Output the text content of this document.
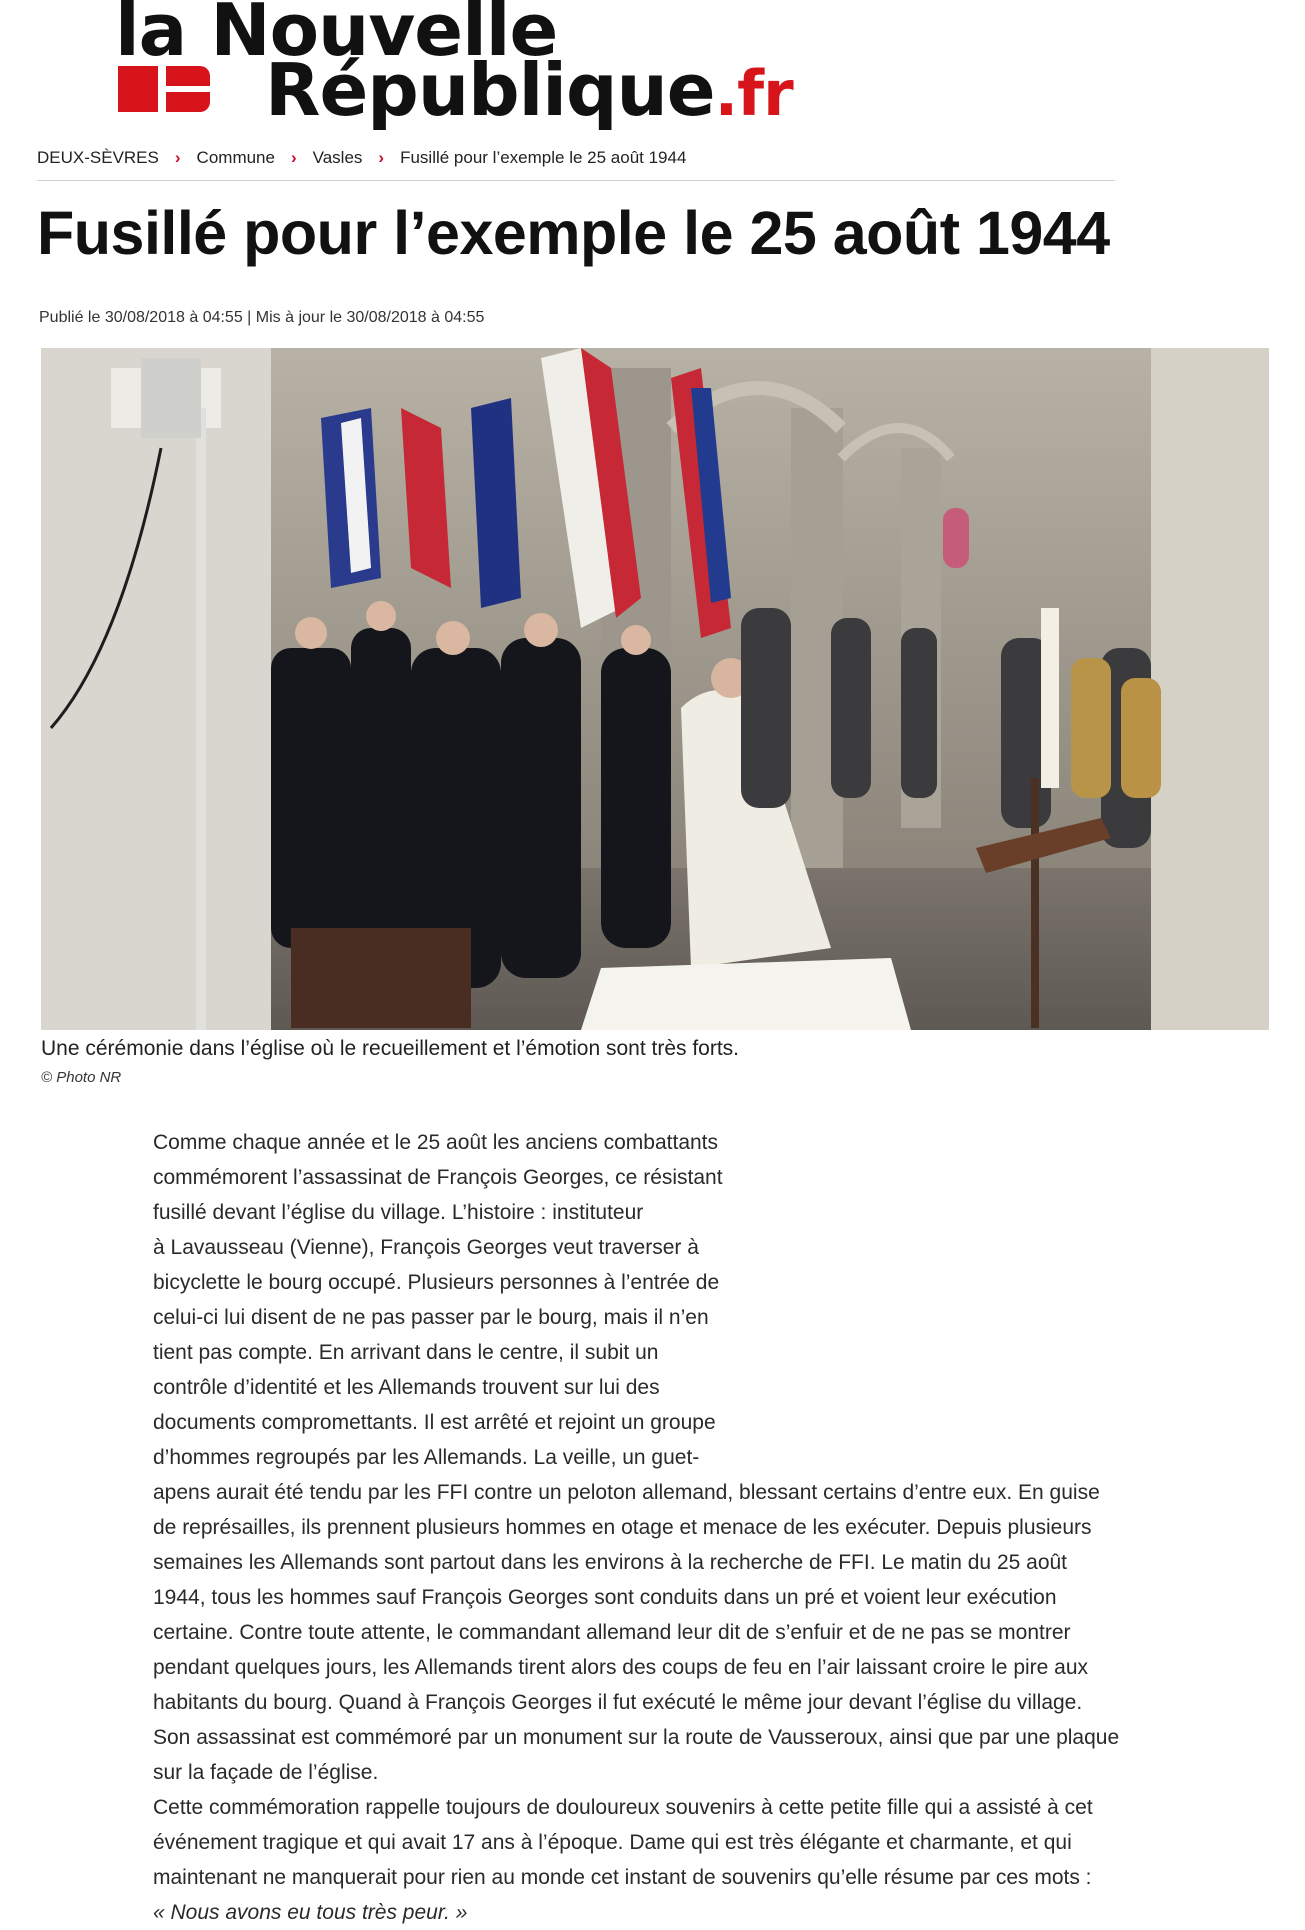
la Nouvelle
République.fr
DEUX-SÈVRES › Commune › Vasles › Fusillé pour l’exemple le 25 août 1944
Fusillé pour l’exemple le 25 août 1944
Publié le 30/08/2018 à 04:55 | Mis à jour le 30/08/2018 à 04:55
Une cérémonie dans l’église où le recueillement et l’émotion sont très forts.
© Photo NR
Comme chaque année et le 25 août les anciens combattants
commémorent l’assassinat de François Georges, ce résistant
fusillé devant l’église du village. L’histoire : instituteur
à Lavausseau (Vienne), François Georges veut traverser à
bicyclette le bourg occupé. Plusieurs personnes à l’entrée de
celui-ci lui disent de ne pas passer par le bourg, mais il n’en
tient pas compte. En arrivant dans le centre, il subit un
contrôle d’identité et les Allemands trouvent sur lui des
documents compromettants. Il est arrêté et rejoint un groupe
d’hommes regroupés par les Allemands. La veille, un guet-
apens aurait été tendu par les FFI contre un peloton allemand, blessant certains d’entre eux. En guise
de représailles, ils prennent plusieurs hommes en otage et menace de les exécuter. Depuis plusieurs
semaines les Allemands sont partout dans les environs à la recherche de FFI. Le matin du 25 août
1944, tous les hommes sauf François Georges sont conduits dans un pré et voient leur exécution
certaine. Contre toute attente, le commandant allemand leur dit de s’enfuir et de ne pas se montrer
pendant quelques jours, les Allemands tirent alors des coups de feu en l’air laissant croire le pire aux
habitants du bourg. Quand à François Georges il fut exécuté le même jour devant l’église du village.
Son assassinat est commémoré par un monument sur la route de Vausseroux, ainsi que par une plaque
sur la façade de l’église.
Cette commémoration rappelle toujours de douloureux souvenirs à cette petite fille qui a assisté à cet
événement tragique et qui avait 17 ans à l’époque. Dame qui est très élégante et charmante, et qui
maintenant ne manquerait pour rien au monde cet instant de souvenirs qu’elle résume par ces mots :
« Nous avons eu tous très peur. »
